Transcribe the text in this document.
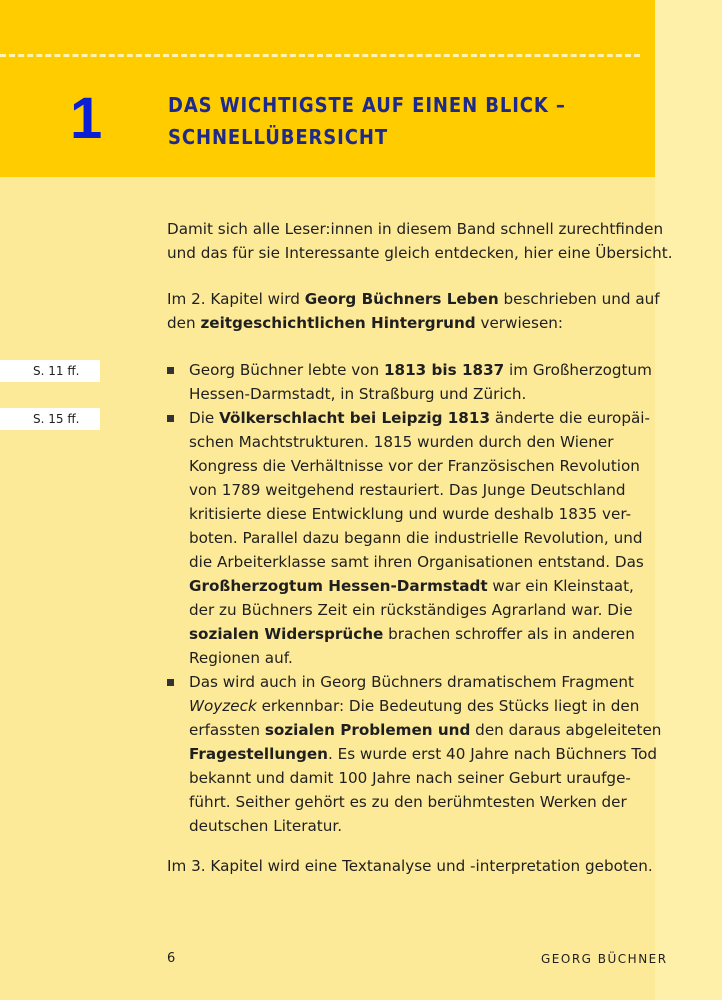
1	DAS WICHTIGSTE AUF EINEN BLICK –
SCHNELLÜBERSICHT
S. 11 ff.
S. 15 ff.
Damit sich alle Leser:innen in diesem Band schnell zurechtfinden
und das für sie Interessante gleich entdecken, hier eine Übersicht.
Im 2. Kapitel wird Georg Büchners Leben beschrieben und auf
den zeitgeschichtlichen Hintergrund verwiesen:
Georg Büchner lebte von 1813 bis 1837 im Großherzogtum
Hessen-Darmstadt, in Straßburg und Zürich.
Die Völkerschlacht bei Leipzig 1813 änderte die europäi-
schen Machtstrukturen. 1815 wurden durch den Wiener
Kongress die Verhältnisse vor der Französischen Revolution
von 1789 weitgehend restauriert. Das Junge Deutschland
kritisierte diese Entwicklung und wurde deshalb 1835 ver-
boten. Parallel dazu begann die industrielle Revolution, und
die Arbeiterklasse samt ihren Organisationen entstand. Das
Großherzogtum Hessen-Darmstadt war ein Kleinstaat,
der zu Büchners Zeit ein rückständiges Agrarland war. Die
sozialen Widersprüche brachen schroffer als in anderen
Regionen auf.
Das wird auch in Georg Büchners dramatischem Fragment
Woyzeck erkennbar: Die Bedeutung des Stücks liegt in den
erfassten sozialen Problemen und den daraus abgeleiteten
Fragestellungen. Es wurde erst 40 Jahre nach Büchners Tod
bekannt und damit 100 Jahre nach seiner Geburt uraufge-
führt. Seither gehört es zu den berühmtesten Werken der
deutschen Literatur.
Im 3. Kapitel wird eine Textanalyse und -interpretation geboten.
6	GEORG BÜCHNER
